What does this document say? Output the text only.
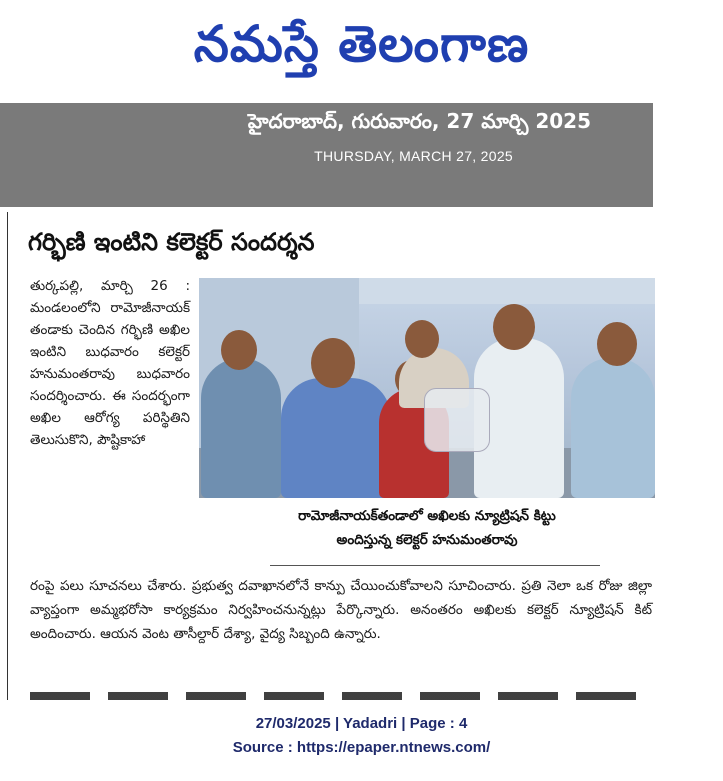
నమస్తే తెలంగాణ
హైదరాబాద్, గురువారం, 27 మార్చి 2025
THURSDAY, MARCH 27, 2025
గర్భిణి ఇంటిని కలెక్టర్ సందర్శన
తుర్కపల్లి, మార్చి 26 : మండలంలోని రామోజీనాయక్ తండాకు చెందిన గర్భిణి అఖిల ఇంటిని బుధవారం కలెక్టర్ హనుమంతరావు బుధవారం సందర్శించారు. ఈ సందర్భంగా అఖిల ఆరోగ్య పరిస్థితిని తెలుసుకొని, పౌష్టికాహా
రామోజీనాయక్‌తండాలో అఖిలకు న్యూట్రిషన్ కిట్టు
అందిస్తున్న కలెక్టర్ హనుమంతరావు
రంపై పలు సూచనలు చేశారు. ప్రభుత్వ దవాఖానలోనే కాన్పు చేయించుకోవాలని సూచించారు. ప్రతి నెలా ఒక రోజు జిల్లా వ్యాప్తంగా అమ్మభరోసా కార్యక్రమం నిర్వహించనున్నట్లు పేర్కొన్నారు. అనంతరం అఖిలకు కలెక్టర్ న్యూట్రిషన్ కిట్ అందించారు. ఆయన వెంట తాసీల్దార్ దేశ్యా, వైద్య సిబ్బంది ఉన్నారు.
27/03/2025 | Yadadri | Page : 4
Source : https://epaper.ntnews.com/
